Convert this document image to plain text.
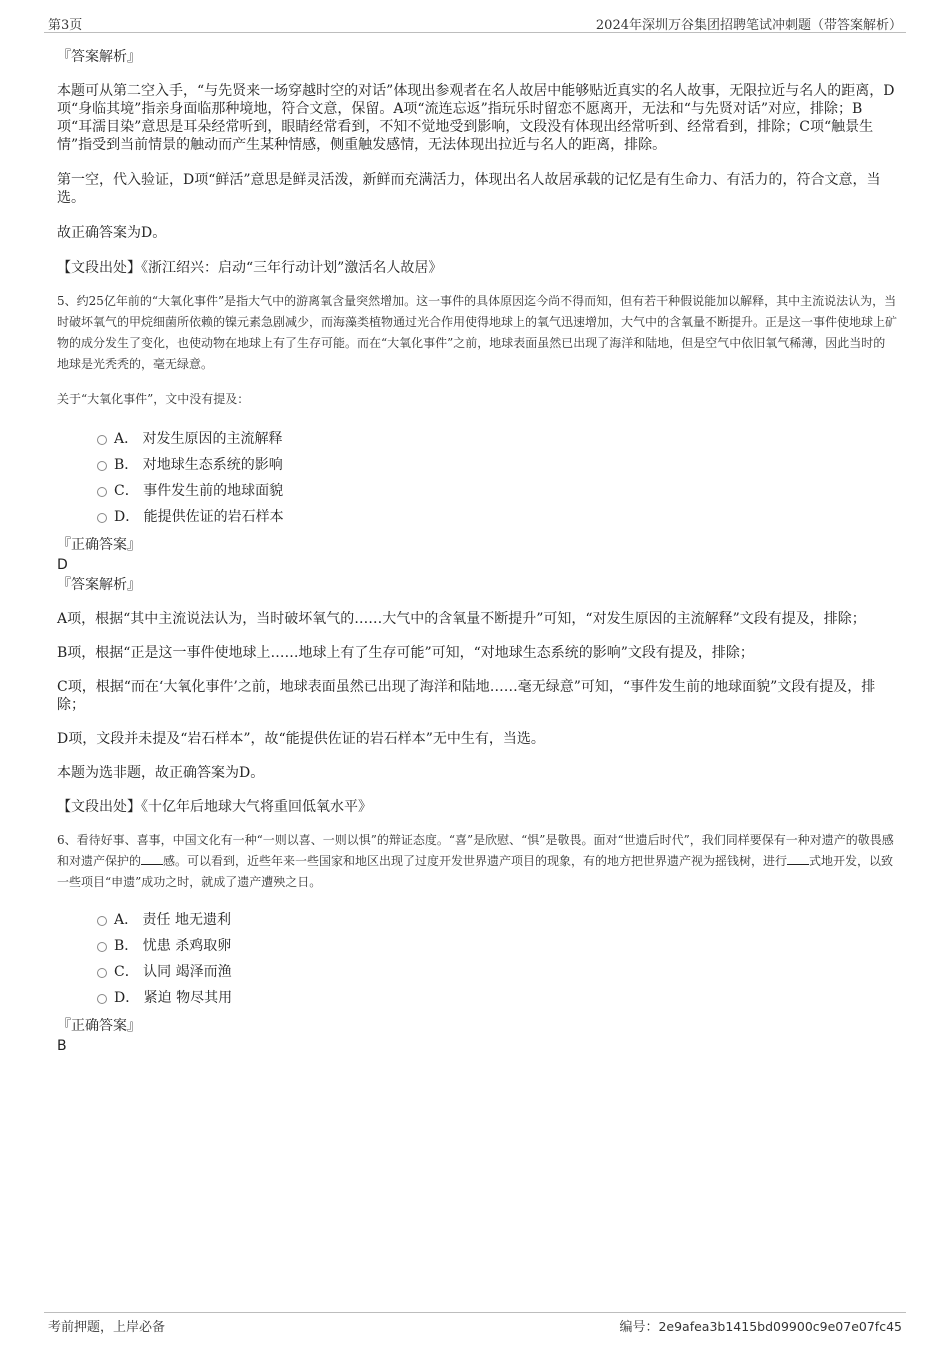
第3页	2024年深圳万谷集团招聘笔试冲刺题（带答案解析）

『答案解析』

本题可从第二空入手，“与先贤来一场穿越时空的对话”体现出参观者在名人故居中能够贴近真实的名人故事，无限拉近与名人的距离，D项“身临其境”指亲身面临那种境地，符合文意，保留。A项“流连忘返”指玩乐时留恋不愿离开，无法和“与先贤对话”对应，排除；B项“耳濡目染”意思是耳朵经常听到，眼睛经常看到，不知不觉地受到影响，文段没有体现出经常听到、经常看到，排除；C项“触景生情”指受到当前情景的触动而产生某种情感，侧重触发感情，无法体现出拉近与名人的距离，排除。

第一空，代入验证，D项“鲜活”意思是鲜灵活泼，新鲜而充满活力，体现出名人故居承载的记忆是有生命力、有活力的，符合文意，当选。

故正确答案为D。

【文段出处】《浙江绍兴：启动“三年行动计划”激活名人故居》

5、约25亿年前的“大氧化事件”是指大气中的游离氧含量突然增加。这一事件的具体原因迄今尚不得而知，但有若干种假说能加以解释，其中主流说法认为，当时破坏氧气的甲烷细菌所依赖的镍元素急剧减少，而海藻类植物通过光合作用使得地球上的氧气迅速增加，大气中的含氧量不断提升。正是这一事件使地球上矿物的成分发生了变化，也使动物在地球上有了生存可能。而在“大氧化事件”之前，地球表面虽然已出现了海洋和陆地，但是空气中依旧氧气稀薄，因此当时的地球是光秃秃的，毫无绿意。

关于“大氧化事件”，文中没有提及：

A． 对发生原因的主流解释
B． 对地球生态系统的影响
C． 事件发生前的地球面貌
D． 能提供佐证的岩石样本

『正确答案』

D

『答案解析』

A项，根据“其中主流说法认为，当时破坏氧气的……大气中的含氧量不断提升”可知，“对发生原因的主流解释”文段有提及，排除；

B项，根据“正是这一事件使地球上……地球上有了生存可能”可知，“对地球生态系统的影响”文段有提及，排除；

C项，根据“而在‘大氧化事件’之前，地球表面虽然已出现了海洋和陆地……毫无绿意”可知，“事件发生前的地球面貌”文段有提及，排除；

D项，文段并未提及“岩石样本”，故“能提供佐证的岩石样本”无中生有，当选。

本题为选非题，故正确答案为D。

【文段出处】《十亿年后地球大气将重回低氧水平》

6、看待好事、喜事，中国文化有一种“一则以喜、一则以惧”的辩证态度。“喜”是欣慰、“惧”是敬畏。面对“世遗后时代”，我们同样要保有一种对遗产的敬畏感和对遗产保护的 感。可以看到，近些年来一些国家和地区出现了过度开发世界遗产项目的现象，有的地方把世界遗产视为摇钱树，进行 式地开发，以致一些项目“申遗”成功之时，就成了遗产遭殃之日。

A． 责任 地无遗利
B． 忧患 杀鸡取卵
C． 认同 竭泽而渔
D． 紧迫 物尽其用

『正确答案』

B

考前押题，上岸必备	编号：2e9afea3b1415bd09900c9e07e07fc45
